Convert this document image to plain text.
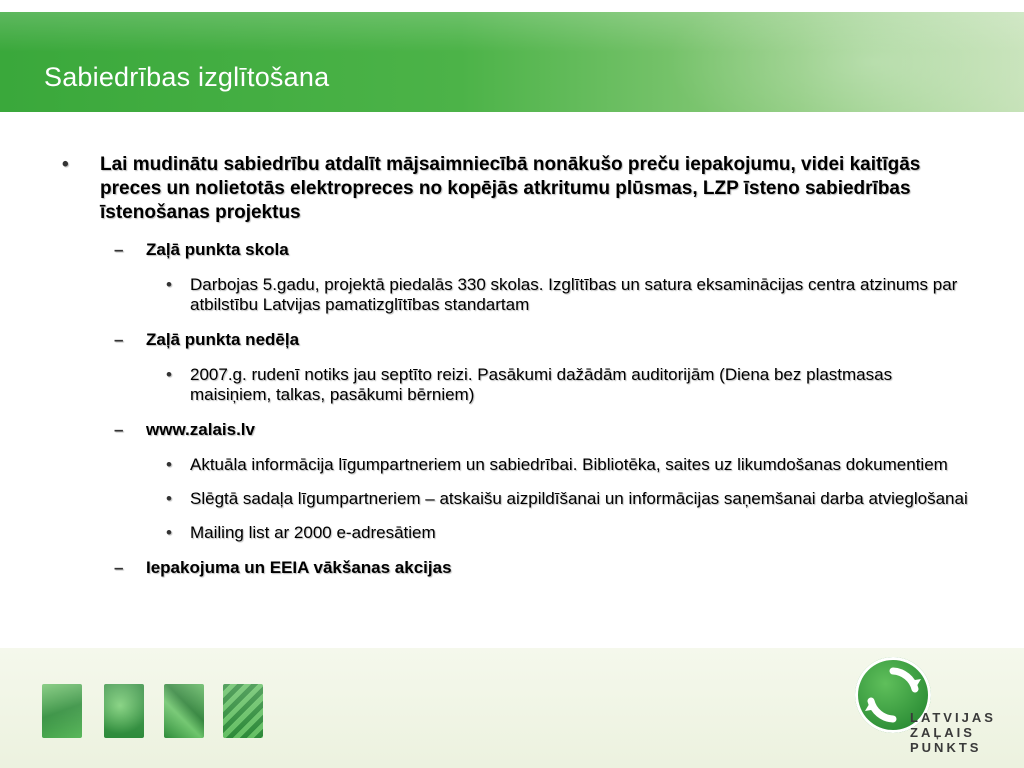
Sabiedrības izglītošana
• Lai mudinātu sabiedrību atdalīt mājsaimniecībā nonākušo preču iepakojumu, videi kaitīgās preces un nolietotās elektropreces no kopējās atkritumu plūsmas, LZP īsteno sabiedrības īstenošanas projektus
– Zaļā punkta skola
• Darbojas 5.gadu, projektā piedalās 330 skolas. Izglītības un satura eksaminācijas centra atzinums par atbilstību Latvijas pamatizglītības standartam
– Zaļā punkta nedēļa
• 2007.g. rudenī notiks jau septīto reizi. Pasākumi dažādām auditorijām (Diena bez plastmasas maisiņiem, talkas, pasākumi bērniem)
– www.zalais.lv
• Aktuāla informācija līgumpartneriem un sabiedrībai. Bibliotēka, saites uz likumdošanas dokumentiem
• Slēgtā sadaļa līgumpartneriem – atskaišu aizpildīšanai un informācijas saņemšanai darba atvieglošanai
• Mailing list ar 2000 e-adresātiem
– Iepakojuma un EEIA vākšanas akcijas
LATVIJAS
ZAĻAIS
PUNKTS
